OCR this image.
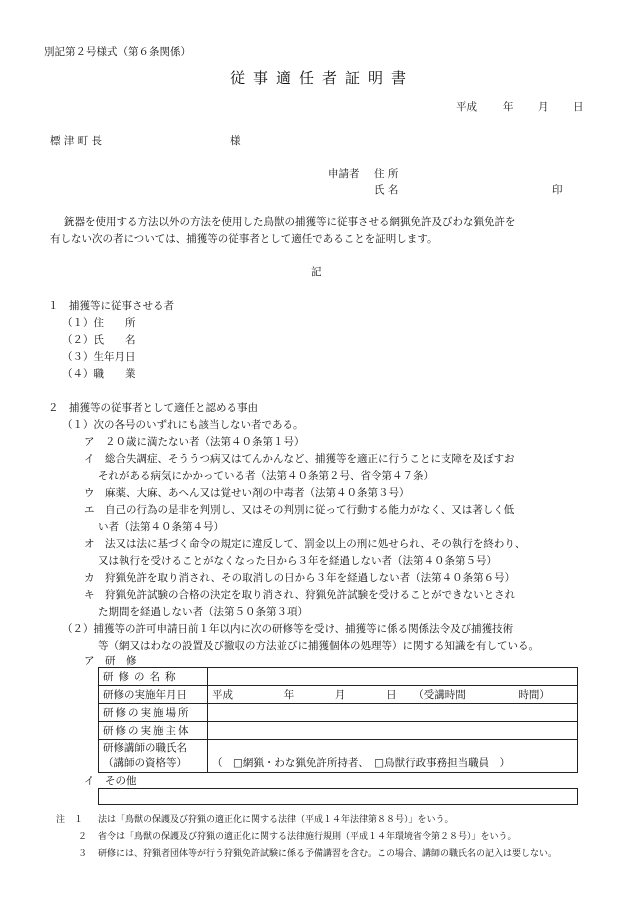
別記第２号様式（第６条関係）
従事適任者証明書
平成 年 月 日
標 津 町 長	様
申請者 住 所
氏 名	印
銃器を使用する方法以外の方法を使用した鳥獣の捕獲等に従事させる網猟免許及びわな猟免許を
有しない次の者については、捕獲等の従事者として適任であることを証明します。
記
１　捕獲等に従事させる者
（１）住　　所
（２）氏　　名
（３）生年月日
（４）職　　業
２　捕獲等の従事者として適任と認める事由
（１）次の各号のいずれにも該当しない者である。
ア　２０歳に満たない者（法第４０条第１号）
イ　総合失調症、そううつ病又はてんかんなど、捕獲等を適正に行うことに支障を及ぼすお
それがある病気にかかっている者（法第４０条第２号、省令第４７条）
ウ　麻薬、大麻、あへん又は覚せい剤の中毒者（法第４０条第３号）
エ　自己の行為の是非を判別し、又はその判別に従って行動する能力がなく、又は著しく低
い者（法第４０条第４号）
オ　法又は法に基づく命令の規定に違反して、罰金以上の刑に処せられ、その執行を終わり、
又は執行を受けることがなくなった日から３年を経過しない者（法第４０条第５号）
カ　狩猟免許を取り消され、その取消しの日から３年を経過しない者（法第４０条第６号）
キ　狩猟免許試験の合格の決定を取り消され、狩猟免許試験を受けることができないとされ
た期間を経過しない者（法第５０条第３項）
（２）捕獲等の許可申請日前１年以内に次の研修等を受け、捕獲等に係る関係法令及び捕獲技術
等（網又はわなの設置及び撤収の方法並びに捕獲個体の処理等）に関する知識を有している。
ア　研　修
研修の名称	
研修の実施年月日	平成 年 月 日 （受講時間 時間）
研修の実施場所	
研修の実施主体	

研修講師の職氏名
（講師の資格等）	（　□網猟・わな猟免許所持者、　□鳥獣行政事務担当職員　）
イ　その他
注　１ 法は「鳥獣の保護及び狩猟の適正化に関する法律（平成１４年法律第８８号）」をいう。
２ 省令は「鳥獣の保護及び狩猟の適正化に関する法律施行規則（平成１４年環境省令第２８号）」をいう。
３ 研修には、狩猟者団体等が行う狩猟免許試験に係る予備講習を含む。この場合、講師の職氏名の記入は要しない。
